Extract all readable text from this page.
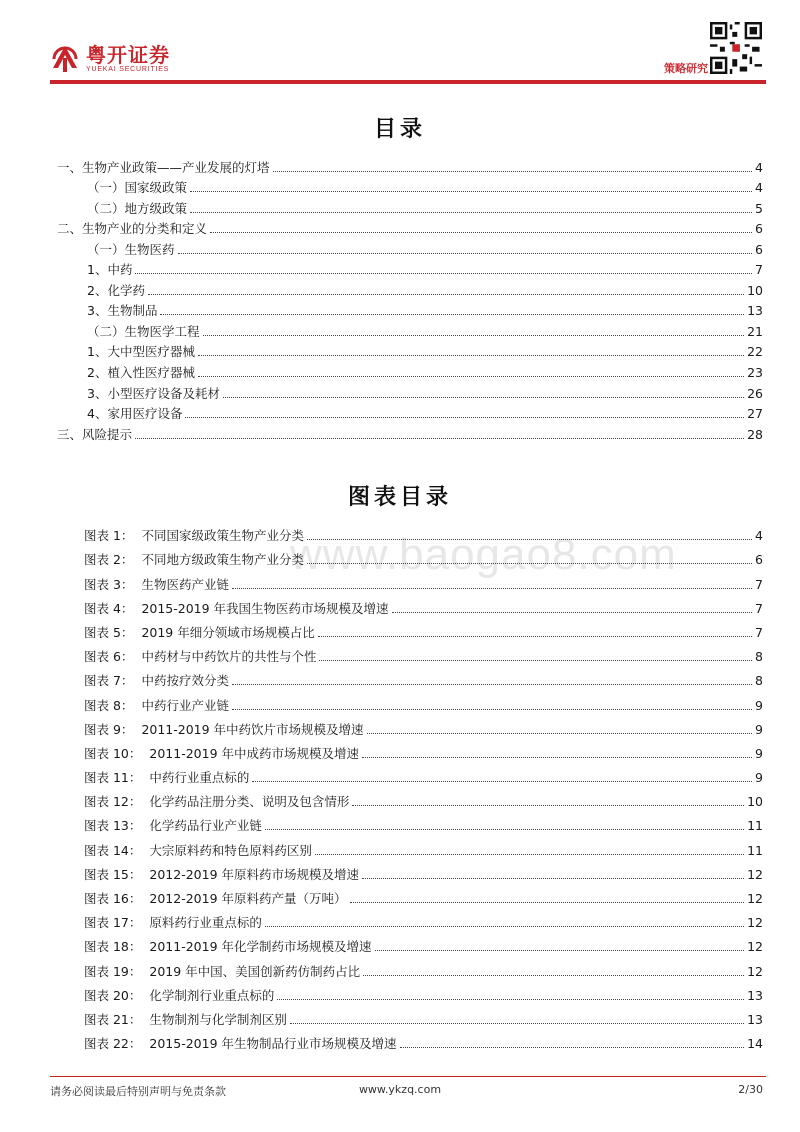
粤开证券
YUEKAI SECURITIES	策略研究
目录
一、生物产业政策——产业发展的灯塔	4
（一）国家级政策	4
（二）地方级政策	5
二、生物产业的分类和定义	6
（一）生物医药	6
1、中药	7
2、化学药	10
3、生物制品	13
（二）生物医学工程	21
1、大中型医疗器械	22
2、植入性医疗器械	23
3、小型医疗设备及耗材	26
4、家用医疗设备	27
三、风险提示	28
图表目录
www.baogao8.com
图表 1： 不同国家级政策生物产业分类	4
图表 2： 不同地方级政策生物产业分类	6
图表 3： 生物医药产业链	7
图表 4： 2015-2019 年我国生物医药市场规模及增速	7
图表 5： 2019 年细分领域市场规模占比	7
图表 6： 中药材与中药饮片的共性与个性	8
图表 7： 中药按疗效分类	8
图表 8： 中药行业产业链	9
图表 9： 2011-2019 年中药饮片市场规模及增速	9
图表 10： 2011-2019 年中成药市场规模及增速	9
图表 11： 中药行业重点标的	9
图表 12： 化学药品注册分类、说明及包含情形	10
图表 13： 化学药品行业产业链	11
图表 14： 大宗原料药和特色原料药区别	11
图表 15： 2012-2019 年原料药市场规模及增速	12
图表 16： 2012-2019 年原料药产量（万吨）	12
图表 17： 原料药行业重点标的	12
图表 18： 2011-2019 年化学制药市场规模及增速	12
图表 19： 2019 年中国、美国创新药仿制药占比	12
图表 20： 化学制剂行业重点标的	13
图表 21： 生物制剂与化学制剂区别	13
图表 22： 2015-2019 年生物制品行业市场规模及增速	14
请务必阅读最后特别声明与免责条款	www.ykzq.com	2/30
